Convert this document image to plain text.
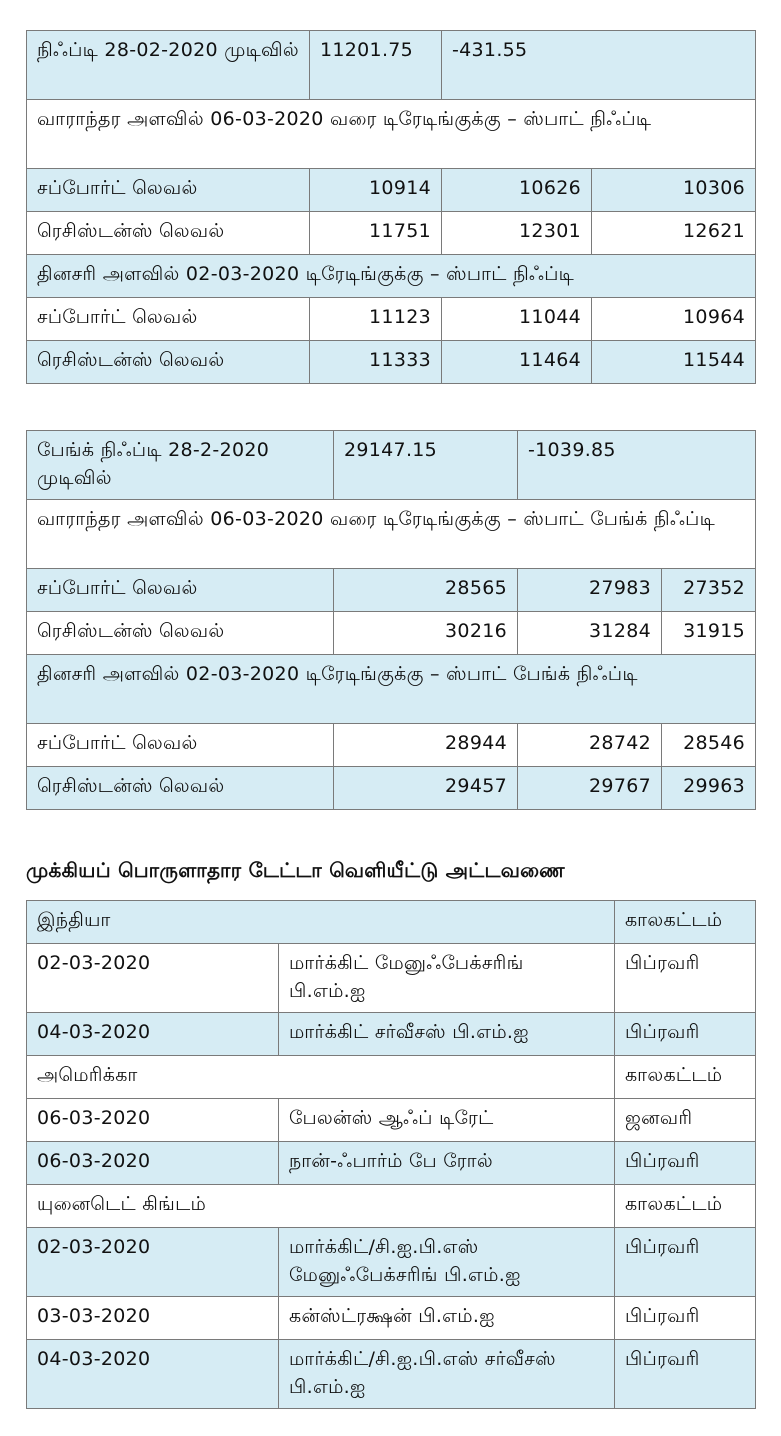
நிஃப்டி 28-02-2020 முடிவில்	11201.75	-431.55	
வாராந்தர அளவில் 06-03-2020 வரை டிரேடிங்குக்கு – ஸ்பாட் நிஃப்டி			
சப்போர்ட் லெவல்	10914	10626	10306
ரெசிஸ்டன்ஸ் லெவல்	11751	12301	12621
தினசரி அளவில் 02-03-2020 டிரேடிங்குக்கு – ஸ்பாட் நிஃப்டி			
சப்போர்ட் லெவல்	11123	11044	10964
ரெசிஸ்டன்ஸ் லெவல்	11333	11464	11544
பேங்க் நிஃப்டி 28-2-2020 முடிவில்	29147.15	-1039.85	
வாராந்தர அளவில் 06-03-2020 வரை டிரேடிங்குக்கு – ஸ்பாட் பேங்க் நிஃப்டி			
சப்போர்ட் லெவல்	28565	27983	27352
ரெசிஸ்டன்ஸ் லெவல்	30216	31284	31915
தினசரி அளவில் 02-03-2020 டிரேடிங்குக்கு – ஸ்பாட் பேங்க் நிஃப்டி			
சப்போர்ட் லெவல்	28944	28742	28546
ரெசிஸ்டன்ஸ் லெவல்	29457	29767	29963
முக்கியப் பொருளாதார டேட்டா வெளியீட்டு அட்டவணை
இந்தியா		காலகட்டம்
02-03-2020	மார்க்கிட் மேனுஃபேக்சரிங் பி.எம்.ஐ	பிப்ரவரி
04-03-2020	மார்க்கிட் சர்வீசஸ் பி.எம்.ஐ	பிப்ரவரி
அமெரிக்கா		காலகட்டம்
06-03-2020	பேலன்ஸ் ஆஃப் டிரேட்	ஜனவரி
06-03-2020	நான்-ஃபார்ம் பே ரோல்	பிப்ரவரி
யுனைடெட் கிங்டம்		காலகட்டம்
02-03-2020	மார்க்கிட்/சி.ஐ.பி.எஸ் மேனுஃபேக்சரிங் பி.எம்.ஐ	பிப்ரவரி
03-03-2020	கன்ஸ்ட்ரக்ஷன் பி.எம்.ஐ	பிப்ரவரி
04-03-2020	மார்க்கிட்/சி.ஐ.பி.எஸ் சர்வீசஸ் பி.எம்.ஐ	பிப்ரவரி
